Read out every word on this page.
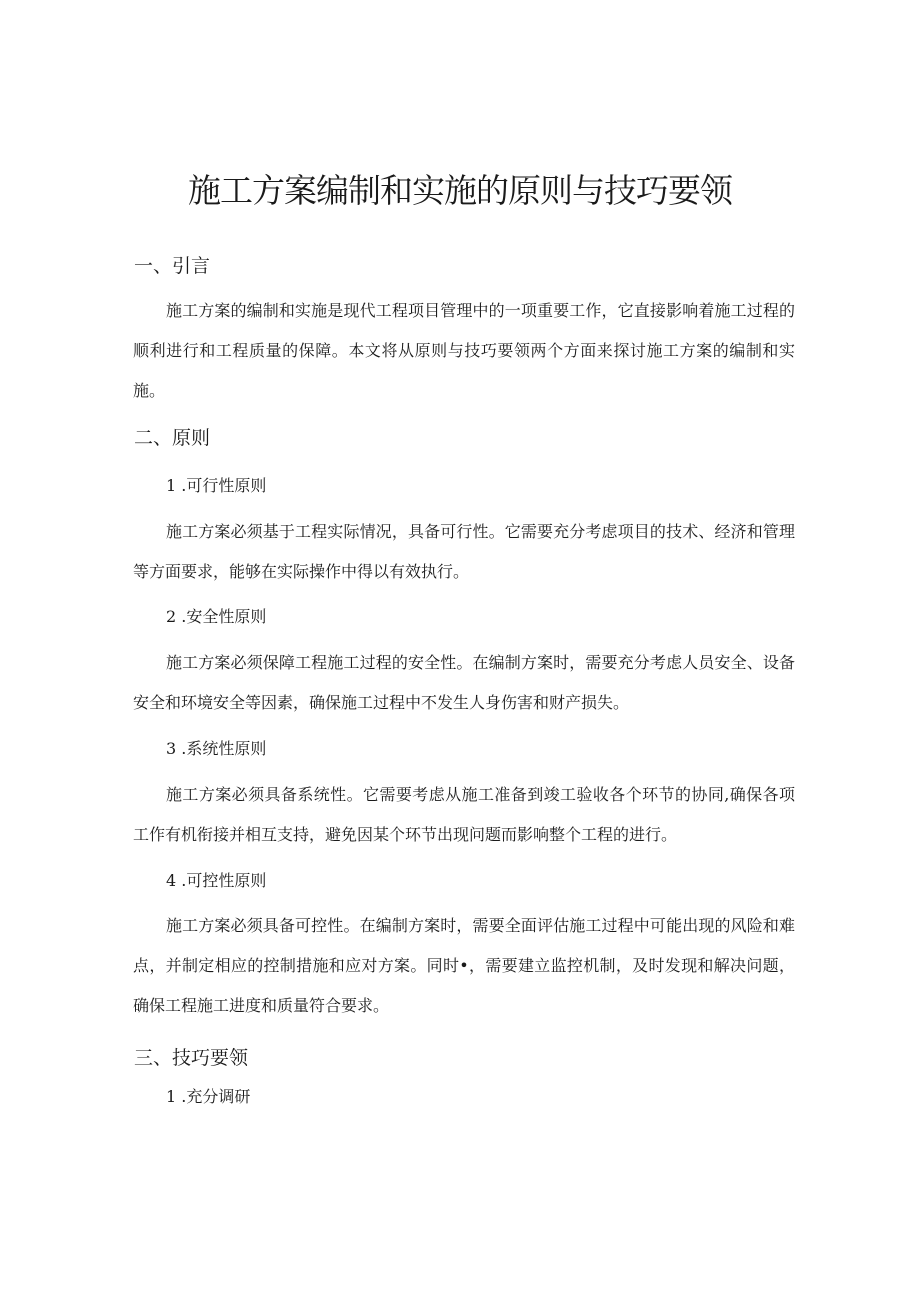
施工方案编制和实施的原则与技巧要领
一、引言
施工方案的编制和实施是现代工程项目管理中的一项重要工作，它直接影响着施工过程的顺利进行和工程质量的保障。本文将从原则与技巧要领两个方面来探讨施工方案的编制和实施。
二、原则
1 .可行性原则
施工方案必须基于工程实际情况，具备可行性。它需要充分考虑项目的技术、经济和管理等方面要求，能够在实际操作中得以有效执行。
2 .安全性原则
施工方案必须保障工程施工过程的安全性。在编制方案时，需要充分考虑人员安全、设备安全和环境安全等因素，确保施工过程中不发生人身伤害和财产损失。
3 .系统性原则
施工方案必须具备系统性。它需要考虑从施工准备到竣工验收各个环节的协同,确保各项工作有机衔接并相互支持，避免因某个环节出现问题而影响整个工程的进行。
4 .可控性原则
施工方案必须具备可控性。在编制方案时，需要全面评估施工过程中可能出现的风险和难点，并制定相应的控制措施和应对方案。同时•，需要建立监控机制，及时发现和解决问题，确保工程施工进度和质量符合要求。
三、技巧要领
1 .充分调研
